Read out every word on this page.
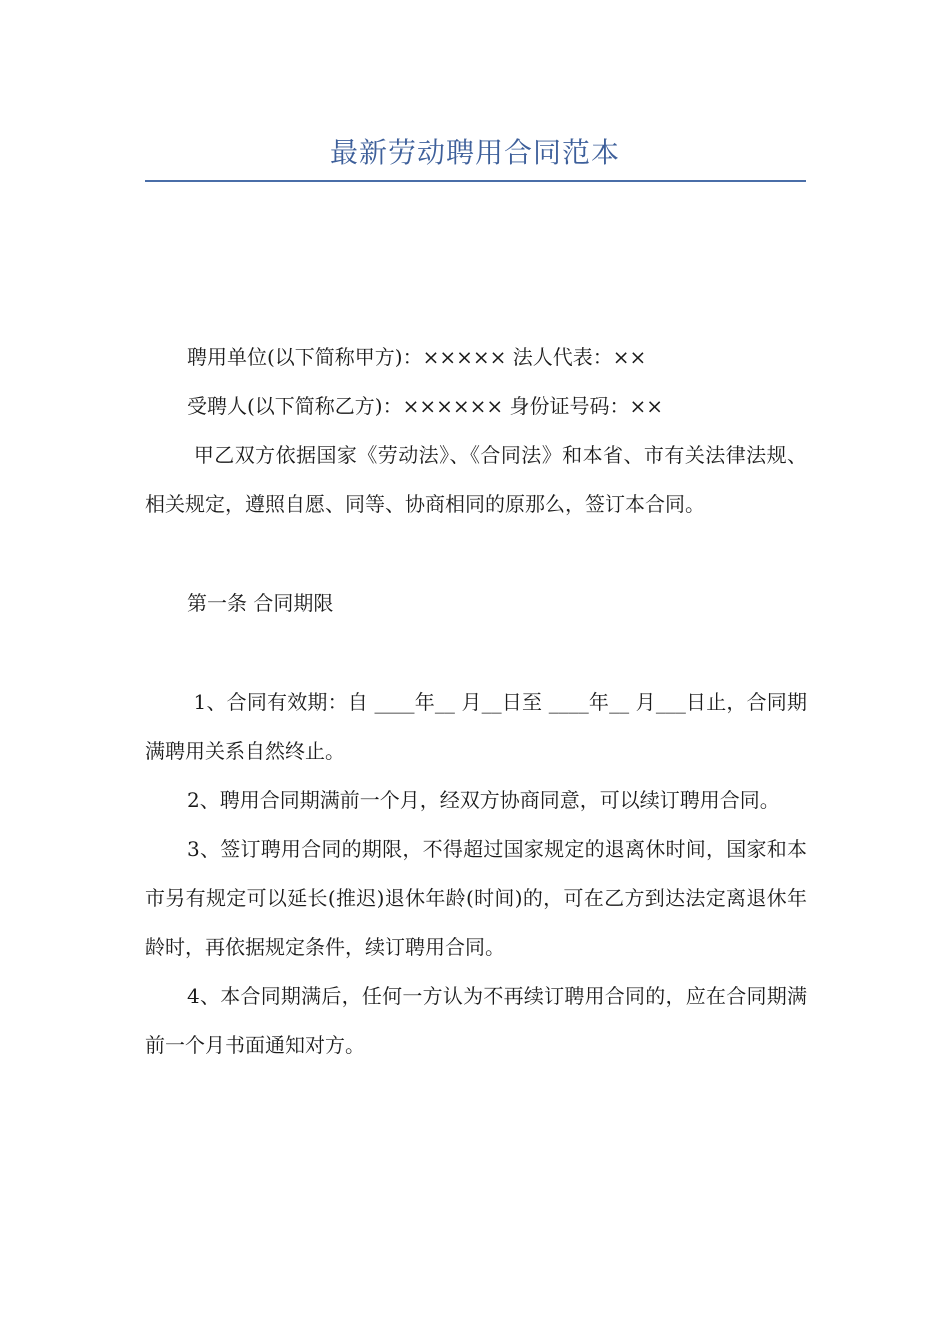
最新劳动聘用合同范本

聘用单位(以下简称甲方)：××××× 法人代表：××

受聘人(以下简称乙方)：×××××× 身份证号码：××

甲乙双方依据国家《劳动法》、《合同法》和本省、市有关法律法规、相关规定，遵照自愿、同等、协商相同的原那么，签订本合同。

第一条 合同期限

1、合同有效期：自 ____年__ 月__日至 ____年__ 月___日止，合同期满聘用关系自然终止。

2、聘用合同期满前一个月，经双方协商同意，可以续订聘用合同。

3、签订聘用合同的期限，不得超过国家规定的退离休时间，国家和本市另有规定可以延长(推迟)退休年龄(时间)的，可在乙方到达法定离退休年龄时，再依据规定条件，续订聘用合同。

4、本合同期满后，任何一方认为不再续订聘用合同的，应在合同期满前一个月书面通知对方。
